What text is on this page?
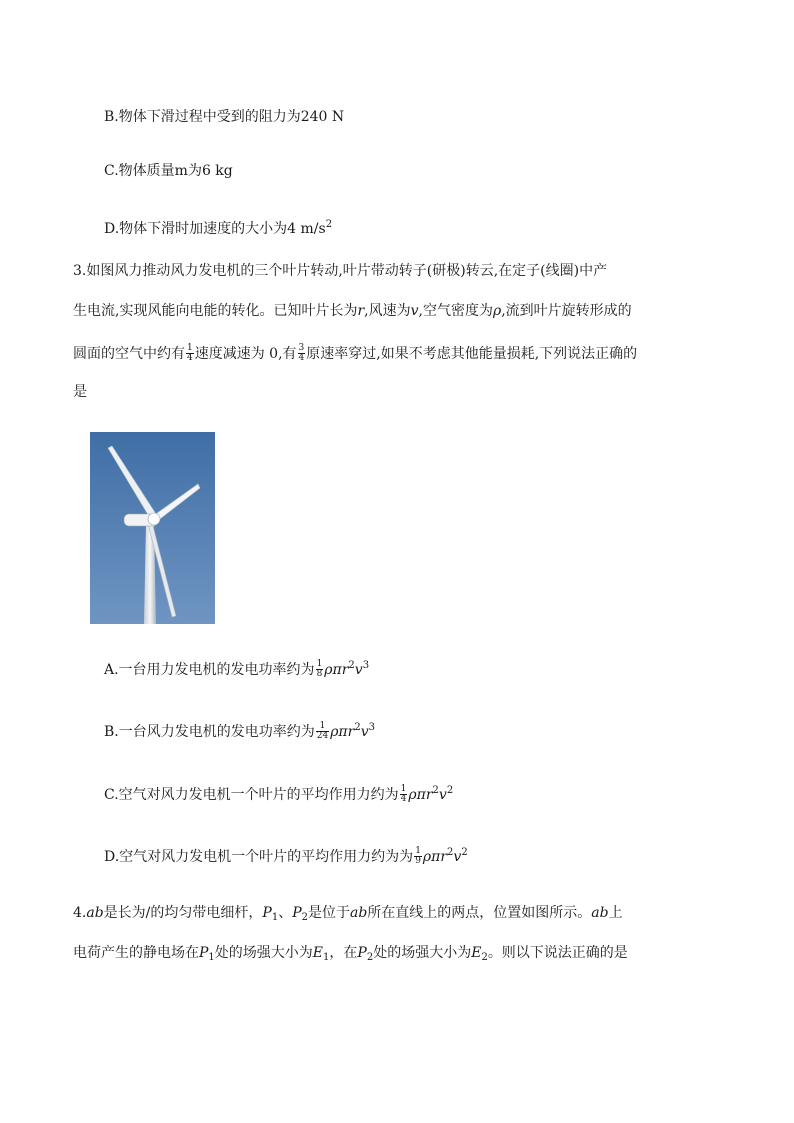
B.物体下滑过程中受到的阻力为240 N
C.物体质量m为6 kg
D.物体下滑时加速度的大小为4 $m/s^2$
3.如图风力推动风力发电机的三个叶片转动,叶片带动转子(研极)转云,在定子(线圈)中产
生电流,实现风能向电能的转化。已知叶片长为r,风速为v,空气密度为ρ,流到叶片旋转形成的
圆面的空气中约有 $\frac{1}{4}$ 速度减速为 0,有 $\frac{3}{4}$ 原速率穿过,如果不考虑其他能量损耗,下列说法正确的
是
A.一台用力发电机的发电功率约为 $\frac{1}{8} \rho\pi r^2v^3$
B.一台风力发电机的发电功率约为 $\frac{1}{24} \rho\pi r^2v^3$
C.空气对风力发电机一个叶片的平均作用力约为 $\frac{1}{4} \rho\pi r^2v^2$
D.空气对风力发电机一个叶片的平均作用力约为为 $\frac{1}{9} \rho\pi r^2v^2$
4.ab是长为/的均匀带电细杆，$P_1$、$P_2$是位于ab所在直线上的两点，位置如图所示。ab上
电荷产生的静电场在$P_1$处的场强大小为$E_1$，在$P_2$处的场强大小为$E_2$。则以下说法正确的是
